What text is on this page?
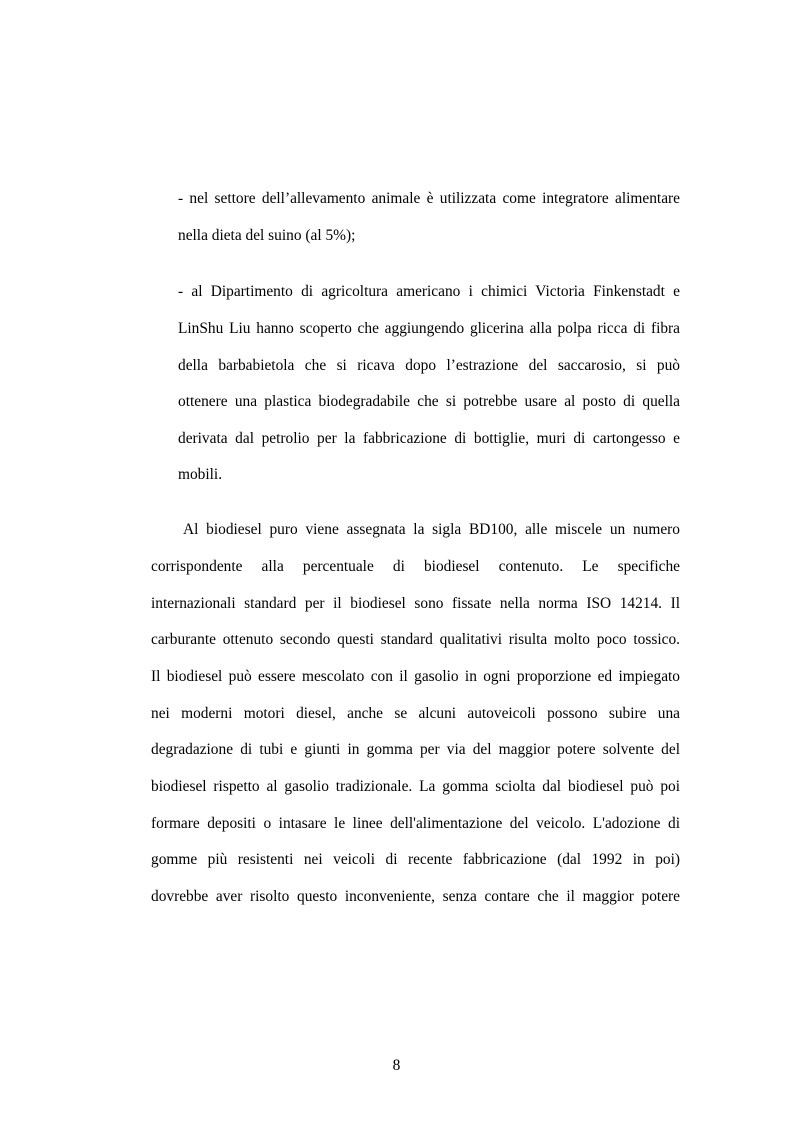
- nel settore dell’allevamento animale è utilizzata come integratore alimentare
nella dieta del suino (al 5%);
- al Dipartimento di agricoltura americano i chimici Victoria Finkenstadt e
LinShu Liu hanno scoperto che aggiungendo glicerina alla polpa ricca di fibra
della barbabietola che si ricava dopo l’estrazione del saccarosio, si può
ottenere una plastica biodegradabile che si potrebbe usare al posto di quella
derivata dal petrolio per la fabbricazione di bottiglie, muri di cartongesso e
mobili.
Al biodiesel puro viene assegnata la sigla BD100, alle miscele un numero
corrispondente alla percentuale di biodiesel contenuto. Le specifiche
internazionali standard per il biodiesel sono fissate nella norma ISO 14214. Il
carburante ottenuto secondo questi standard qualitativi risulta molto poco tossico.
Il biodiesel può essere mescolato con il gasolio in ogni proporzione ed impiegato
nei moderni motori diesel, anche se alcuni autoveicoli possono subire una
degradazione di tubi e giunti in gomma per via del maggior potere solvente del
biodiesel rispetto al gasolio tradizionale. La gomma sciolta dal biodiesel può poi
formare depositi o intasare le linee dell'alimentazione del veicolo. L'adozione di
gomme più resistenti nei veicoli di recente fabbricazione (dal 1992 in poi)
dovrebbe aver risolto questo inconveniente, senza contare che il maggior potere
8
